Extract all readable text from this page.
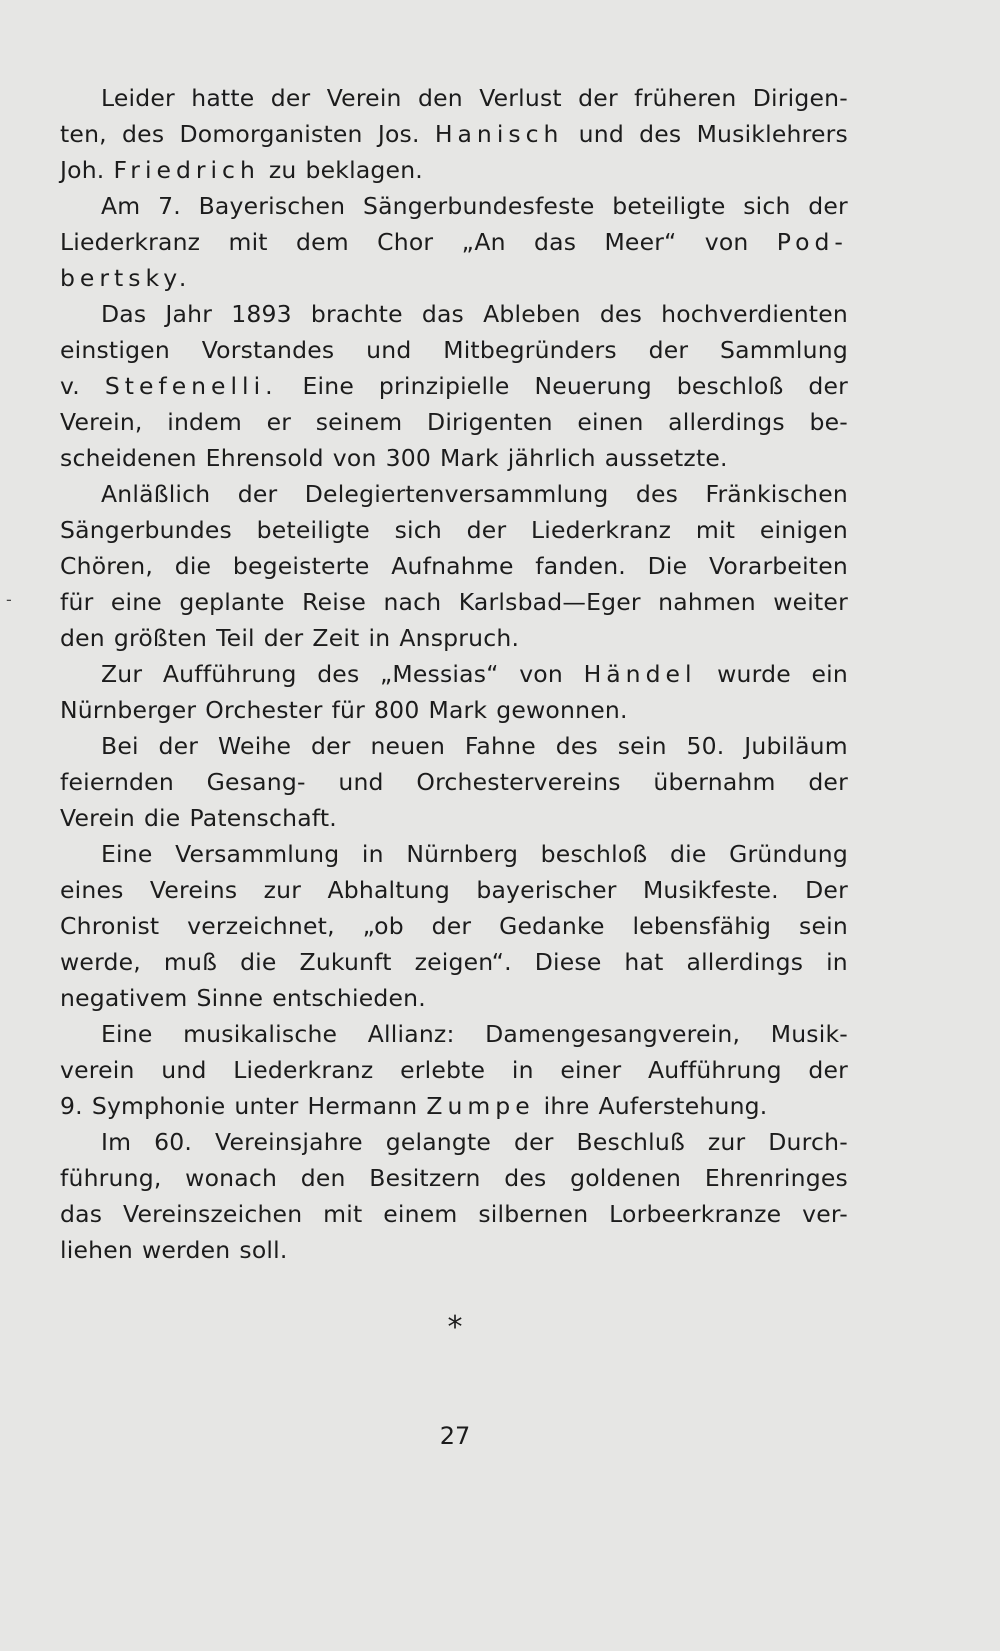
-
Leider hatte der Verein den Verlust der früheren Dirigen-
ten, des Domorganisten Jos. Hanisch und des Musiklehrers
Joh. Friedrich zu beklagen.
Am 7. Bayerischen Sängerbundesfeste beteiligte sich der
Liederkranz mit dem Chor „An das Meer“ von Pod-
bertsky.
Das Jahr 1893 brachte das Ableben des hochverdienten
einstigen Vorstandes und Mitbegründers der Sammlung
v. Stefenelli. Eine prinzipielle Neuerung beschloß der
Verein, indem er seinem Dirigenten einen allerdings be-
scheidenen Ehrensold von 300 Mark jährlich aussetzte.
Anläßlich der Delegiertenversammlung des Fränkischen
Sängerbundes beteiligte sich der Liederkranz mit einigen
Chören, die begeisterte Aufnahme fanden. Die Vorarbeiten
für eine geplante Reise nach Karlsbad—Eger nahmen weiter
den größten Teil der Zeit in Anspruch.
Zur Aufführung des „Messias“ von Händel wurde ein
Nürnberger Orchester für 800 Mark gewonnen.
Bei der Weihe der neuen Fahne des sein 50. Jubiläum
feiernden Gesang- und Orchestervereins übernahm der
Verein die Patenschaft.
Eine Versammlung in Nürnberg beschloß die Gründung
eines Vereins zur Abhaltung bayerischer Musikfeste. Der
Chronist verzeichnet, „ob der Gedanke lebensfähig sein
werde, muß die Zukunft zeigen“. Diese hat allerdings in
negativem Sinne entschieden.
Eine musikalische Allianz: Damengesangverein, Musik-
verein und Liederkranz erlebte in einer Aufführung der
9. Symphonie unter Hermann Zumpe ihre Auferstehung.
Im 60. Vereinsjahre gelangte der Beschluß zur Durch-
führung, wonach den Besitzern des goldenen Ehrenringes
das Vereinszeichen mit einem silbernen Lorbeerkranze ver-
liehen werden soll.
*
27
